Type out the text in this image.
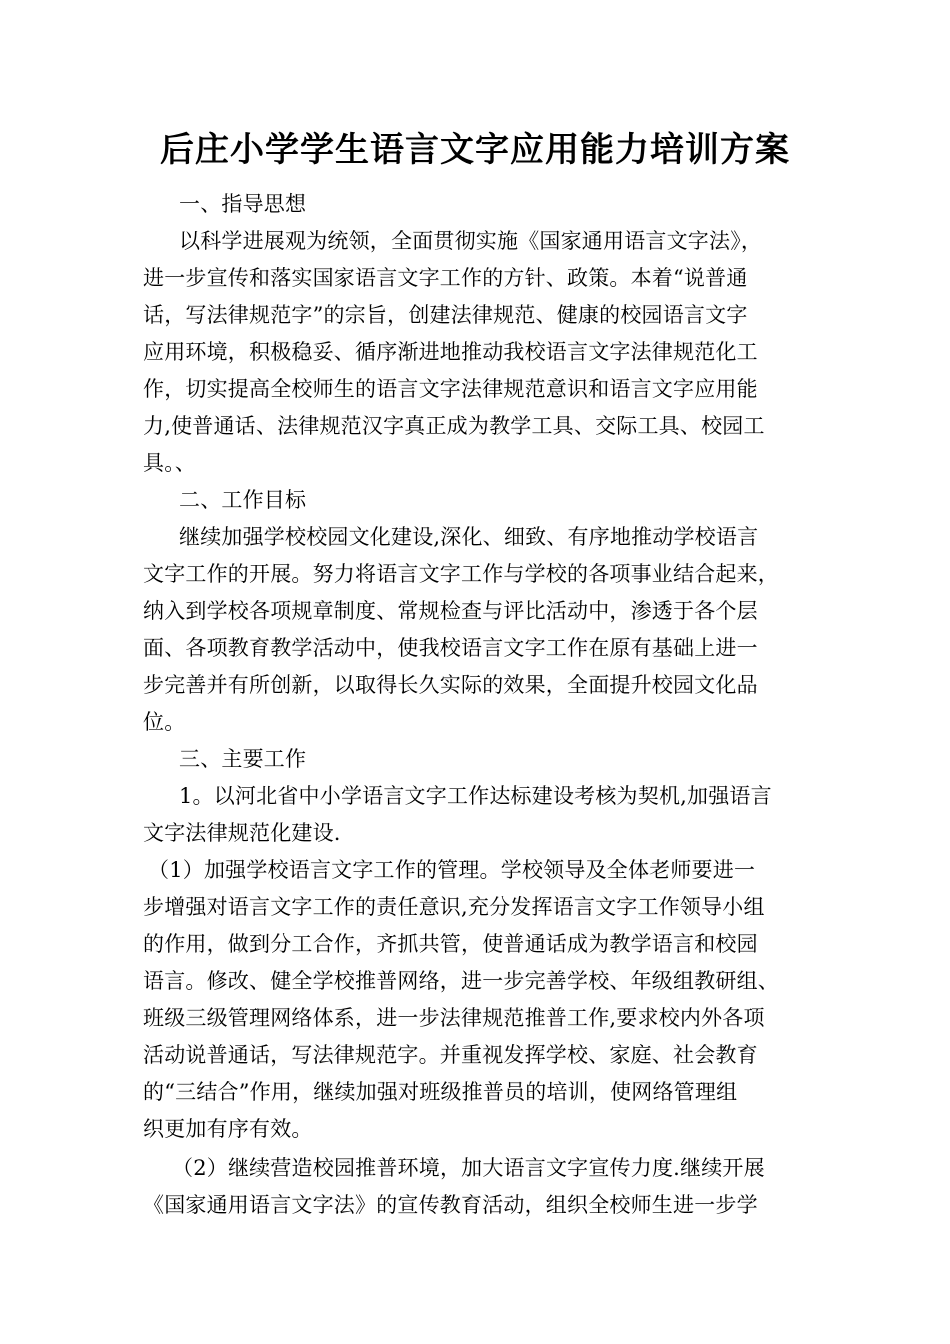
后庄小学学生语言文字应用能力培训方案
一、指导思想
以科学进展观为统领，全面贯彻实施《国家通用语言文字法》，
进一步宣传和落实国家语言文字工作的方针、政策。本着“说普通
话，写法律规范字”的宗旨，创建法律规范、健康的校园语言文字
应用环境，积极稳妥、循序渐进地推动我校语言文字法律规范化工
作，切实提高全校师生的语言文字法律规范意识和语言文字应用能
力,使普通话、法律规范汉字真正成为教学工具、交际工具、校园工
具。、
二、工作目标
继续加强学校校园文化建设,深化、细致、有序地推动学校语言
文字工作的开展。努力将语言文字工作与学校的各项事业结合起来，
纳入到学校各项规章制度、常规检查与评比活动中，渗透于各个层
面、各项教育教学活动中，使我校语言文字工作在原有基础上进一
步完善并有所创新，以取得长久实际的效果，全面提升校园文化品
位。
三、主要工作
1。以河北省中小学语言文字工作达标建设考核为契机,加强语言
文字法律规范化建设.
（1）加强学校语言文字工作的管理。学校领导及全体老师要进一
步增强对语言文字工作的责任意识,充分发挥语言文字工作领导小组
的作用，做到分工合作，齐抓共管，使普通话成为教学语言和校园
语言。修改、健全学校推普网络，进一步完善学校、年级组教研组、
班级三级管理网络体系，进一步法律规范推普工作,要求校内外各项
活动说普通话，写法律规范字。并重视发挥学校、家庭、社会教育
的“三结合”作用，继续加强对班级推普员的培训，使网络管理组
织更加有序有效。
（2）继续营造校园推普环境，加大语言文字宣传力度.继续开展
《国家通用语言文字法》的宣传教育活动，组织全校师生进一步学
